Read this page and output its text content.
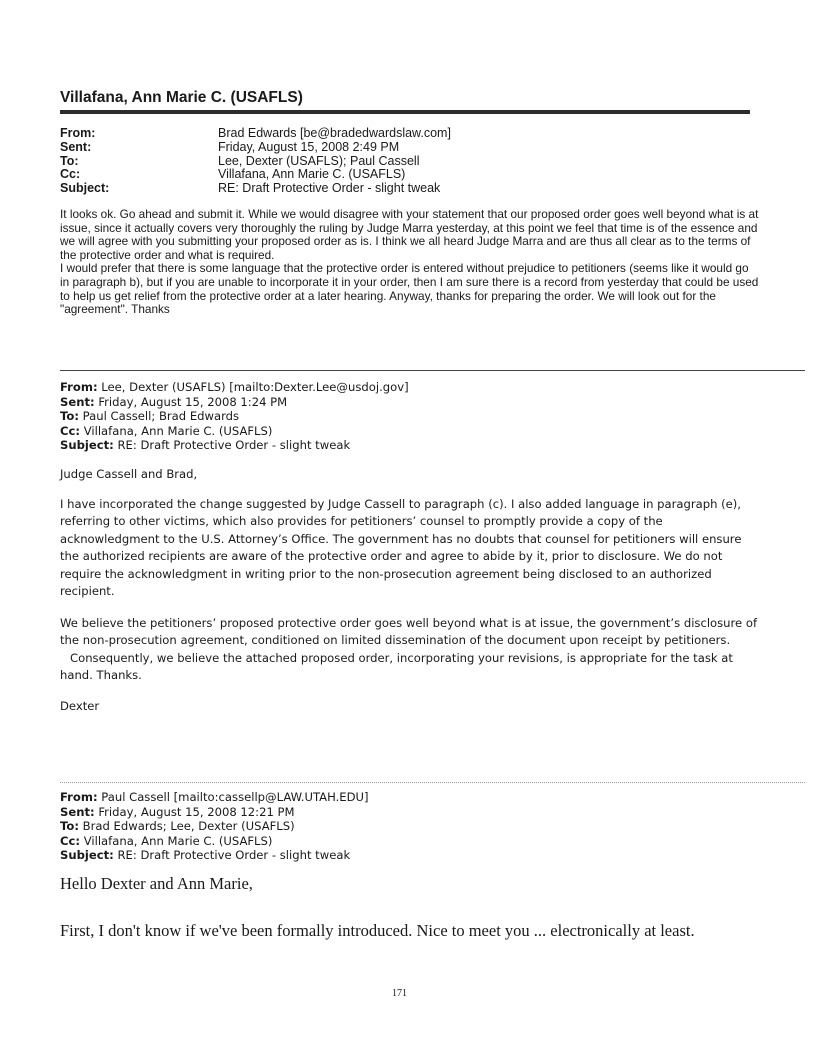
Villafana, Ann Marie C. (USAFLS)
From:	Brad Edwards [be@bradedwardslaw.com]
Sent:	Friday, August 15, 2008 2:49 PM
To:	Lee, Dexter (USAFLS); Paul Cassell
Cc:	Villafana, Ann Marie C. (USAFLS)
Subject:	RE: Draft Protective Order - slight tweak

It looks ok. Go ahead and submit it. While we would disagree with your statement that our proposed order goes well beyond what is at issue, since it actually covers very thoroughly the ruling by Judge Marra yesterday, at this point we feel that time is of the essence and we will agree with you submitting your proposed order as is. I think we all heard Judge Marra and are thus all clear as to the terms of the protective order and what is required.

I would prefer that there is some language that the protective order is entered without prejudice to petitioners (seems like it would go in paragraph b), but if you are unable to incorporate it in your order, then I am sure there is a record from yesterday that could be used to help us get relief from the protective order at a later hearing. Anyway, thanks for preparing the order. We will look out for the "agreement". Thanks

From: Lee, Dexter (USAFLS) [mailto:Dexter.Lee@usdoj.gov]
Sent: Friday, August 15, 2008 1:24 PM
To: Paul Cassell; Brad Edwards
Cc: Villafana, Ann Marie C. (USAFLS)
Subject: RE: Draft Protective Order - slight tweak

Judge Cassell and Brad,

I have incorporated the change suggested by Judge Cassell to paragraph (c). I also added language in paragraph (e), referring to other victims, which also provides for petitioners’ counsel to promptly provide a copy of the acknowledgment to the U.S. Attorney’s Office. The government has no doubts that counsel for petitioners will ensure the authorized recipients are aware of the protective order and agree to abide by it, prior to disclosure. We do not require the acknowledgment in writing prior to the non-prosecution agreement being disclosed to an authorized recipient.

We believe the petitioners’ proposed protective order goes well beyond what is at issue, the government’s disclosure of the non-prosecution agreement, conditioned on limited dissemination of the document upon receipt by petitioners.

Consequently, we believe the attached proposed order, incorporating your revisions, is appropriate for the task at hand. Thanks.

Dexter

From: Paul Cassell [mailto:cassellp@LAW.UTAH.EDU]
Sent: Friday, August 15, 2008 12:21 PM
To: Brad Edwards; Lee, Dexter (USAFLS)
Cc: Villafana, Ann Marie C. (USAFLS)
Subject: RE: Draft Protective Order - slight tweak
Hello Dexter and Ann Marie,
First, I don't know if we've been formally introduced. Nice to meet you ... electronically at least.
171
